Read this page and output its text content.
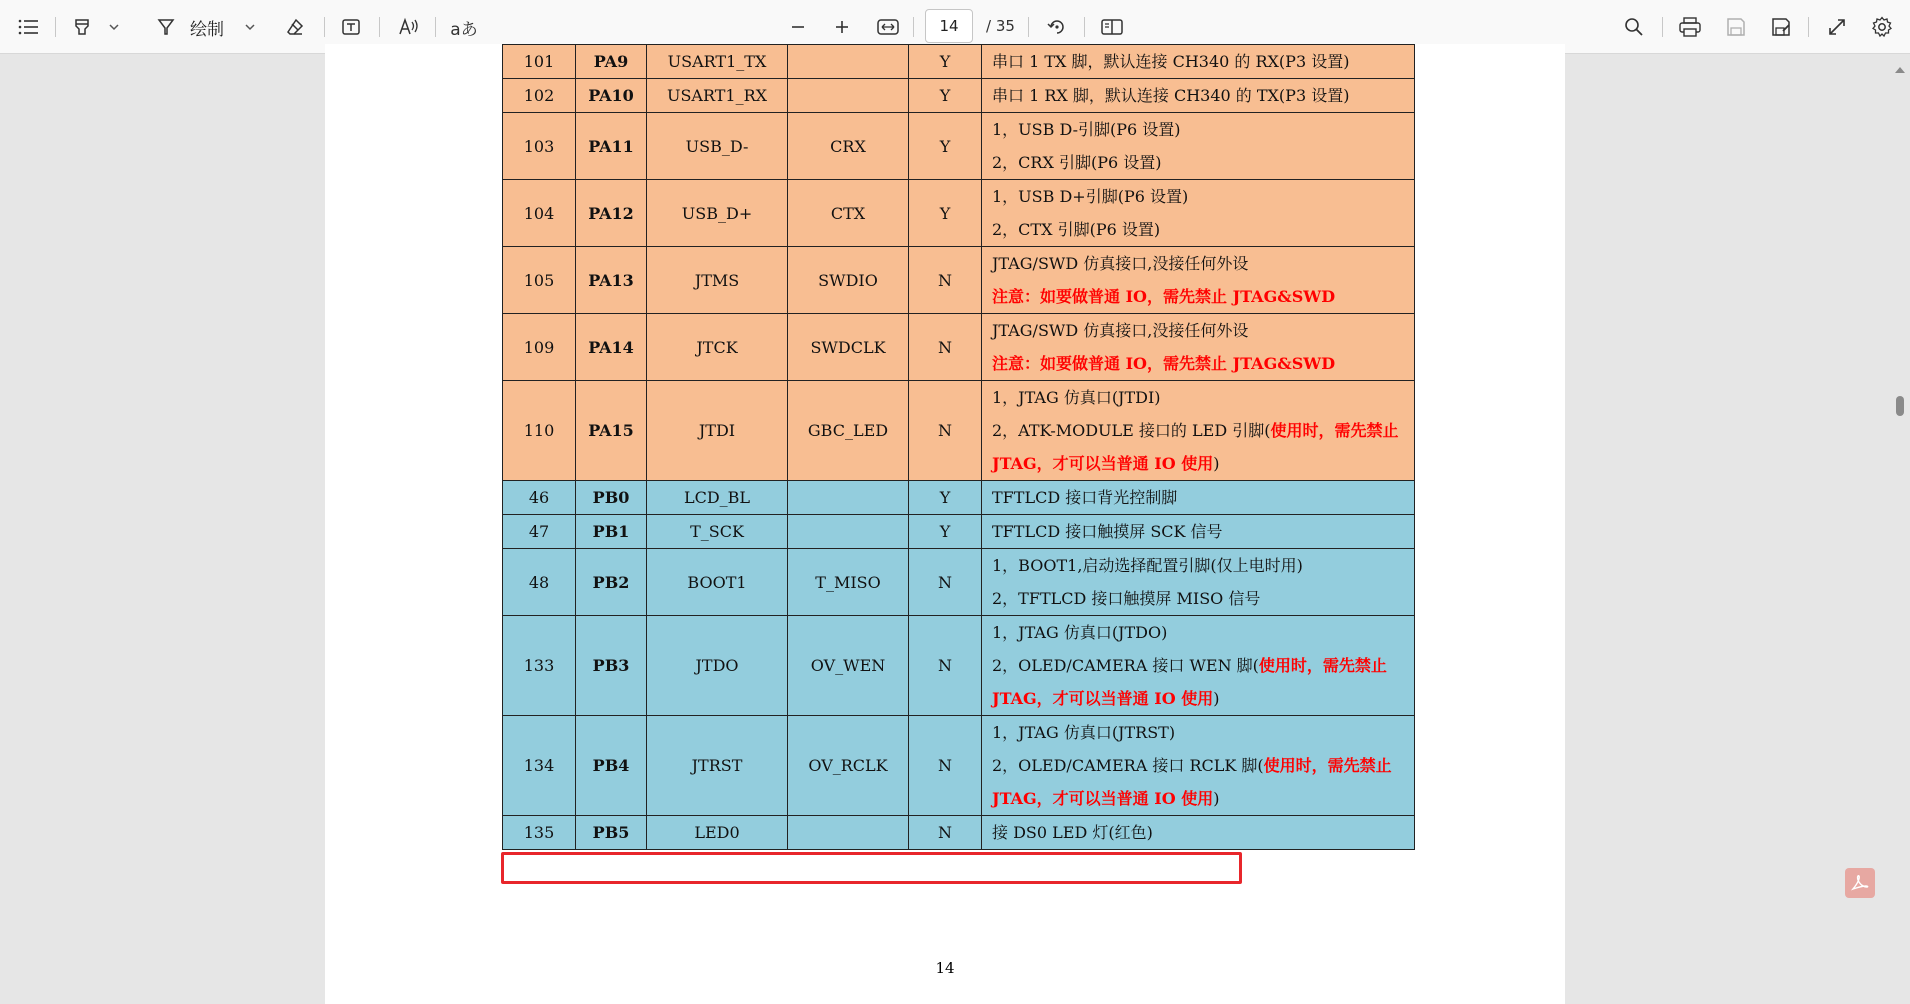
绘制	aあ	14	/ 35
101	PA9	USART1_TX		Y	串口 1 TX 脚，默认连接 CH340 的 RX(P3 设置)
102	PA10	USART1_RX		Y	串口 1 RX 脚，默认连接 CH340 的 TX(P3 设置)
103	PA11	USB_D-	CRX	Y	1，USB D-引脚(P6 设置)
2，CRX 引脚(P6 设置)
104	PA12	USB_D+	CTX	Y	1，USB D+引脚(P6 设置)
2，CTX 引脚(P6 设置)
105	PA13	JTMS	SWDIO	N	JTAG/SWD 仿真接口,没接任何外设
注意：如要做普通 IO，需先禁止 JTAG&SWD
109	PA14	JTCK	SWDCLK	N	JTAG/SWD 仿真接口,没接任何外设
注意：如要做普通 IO，需先禁止 JTAG&SWD
110	PA15	JTDI	GBC_LED	N	1，JTAG 仿真口(JTDI)
2，ATK-MODULE 接口的 LED 引脚(使用时，需先禁止 JTAG，才可以当普通 IO 使用)
46	PB0	LCD_BL		Y	TFTLCD 接口背光控制脚
47	PB1	T_SCK		Y	TFTLCD 接口触摸屏 SCK 信号
48	PB2	BOOT1	T_MISO	N	1，BOOT1,启动选择配置引脚(仅上电时用)
2，TFTLCD 接口触摸屏 MISO 信号
133	PB3	JTDO	OV_WEN	N	1，JTAG 仿真口(JTDO)
2，OLED/CAMERA 接口 WEN 脚(使用时，需先禁止 JTAG，才可以当普通 IO 使用)
134	PB4	JTRST	OV_RCLK	N	1，JTAG 仿真口(JTRST)
2，OLED/CAMERA 接口 RCLK 脚(使用时，需先禁止 JTAG，才可以当普通 IO 使用)
135	PB5	LED0		N	接 DS0 LED 灯(红色)
14
